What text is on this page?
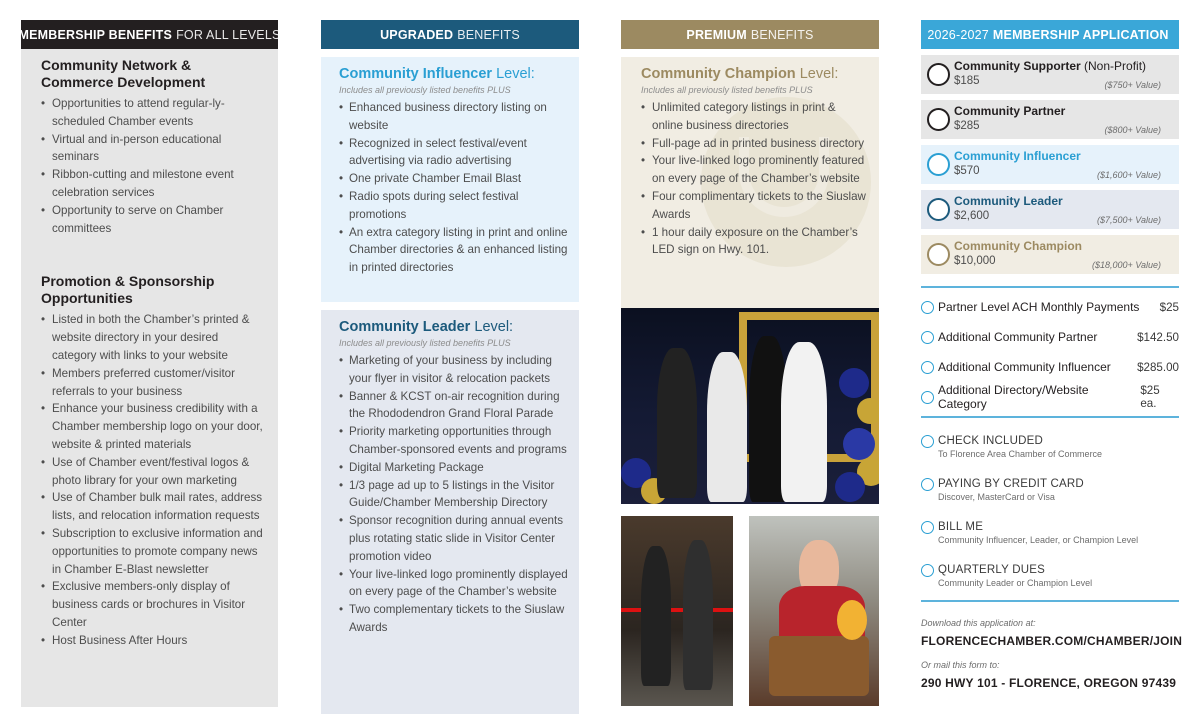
MEMBERSHIP BENEFITS FOR ALL LEVELS
Community Network & Commerce Development
• Opportunities to attend regular-ly-scheduled Chamber events
• Virtual and in-person educational seminars
• Ribbon-cutting and milestone event celebration services
• Opportunity to serve on Chamber committees
Promotion & Sponsorship Opportunities
• Listed in both the Chamber’s printed & website directory in your desired category with links to your website
• Members preferred customer/visitor referrals to your business
• Enhance your business credibility with a Chamber membership logo on your door, website & printed materials
• Use of Chamber event/festival logos & photo library for your own marketing
• Use of Chamber bulk mail rates, address lists, and relocation information requests
• Subscription to exclusive information and opportunities to promote company news in Chamber E-Blast newsletter
• Exclusive members-only display of business cards or brochures in Visitor Center
• Host Business After Hours
UPGRADED BENEFITS
Community Influencer Level:
Includes all previously listed benefits PLUS
• Enhanced business directory listing on website
• Recognized in select festival/event advertising via radio advertising
• One private Chamber Email Blast
• Radio spots during select festival promotions
• An extra category listing in print and online Chamber directories & an enhanced listing in printed directories
Community Leader Level:
Includes all previously listed benefits PLUS
• Marketing of your business by including your flyer in visitor & relocation packets
• Banner & KCST on-air recognition during the Rhododendron Grand Floral Parade
• Priority marketing opportunities through Chamber-sponsored events and programs
• Digital Marketing Package
• 1/3 page ad up to 5 listings in the Visitor Guide/Chamber Membership Directory
• Sponsor recognition during annual events plus rotating static slide in Visitor Center promotion video
• Your live-linked logo prominently displayed on every page of the Chamber’s website
• Two complementary tickets to the Siuslaw Awards
PREMIUM BENEFITS
Community Champion Level:
Includes all previously listed benefits PLUS
• Unlimited category listings in print & online business directories
• Full-page ad in printed business directory
• Your live-linked logo prominently featured on every page of the Chamber’s website
• Four complimentary tickets to the Siuslaw Awards
• 1 hour daily exposure on the Chamber’s LED sign on Hwy. 101.
2026-2027 MEMBERSHIP APPLICATION
Community Supporter (Non-Profit)
$185	($750+ Value)
Community Partner
$285	($800+ Value)
Community Influencer
$570	($1,600+ Value)
Community Leader
$2,600	($7,500+ Value)
Community Champion
$10,000	($18,000+ Value)
Partner Level ACH Monthly Payments $25
Additional Community Partner	$142.50
Additional Community Influencer $285.00
Additional Directory/Website Category
$25 ea.
CHECK INCLUDED
To Florence Area Chamber of Commerce
PAYING BY CREDIT CARD
Discover, MasterCard or Visa
BILL ME
Community Influencer, Leader, or Champion Level
QUARTERLY DUES
Community Leader or Champion Level
Download this application at:
FLORENCECHAMBER.COM/CHAMBER/JOIN
Or mail this form to:
290 HWY 101 - FLORENCE, OREGON 97439
